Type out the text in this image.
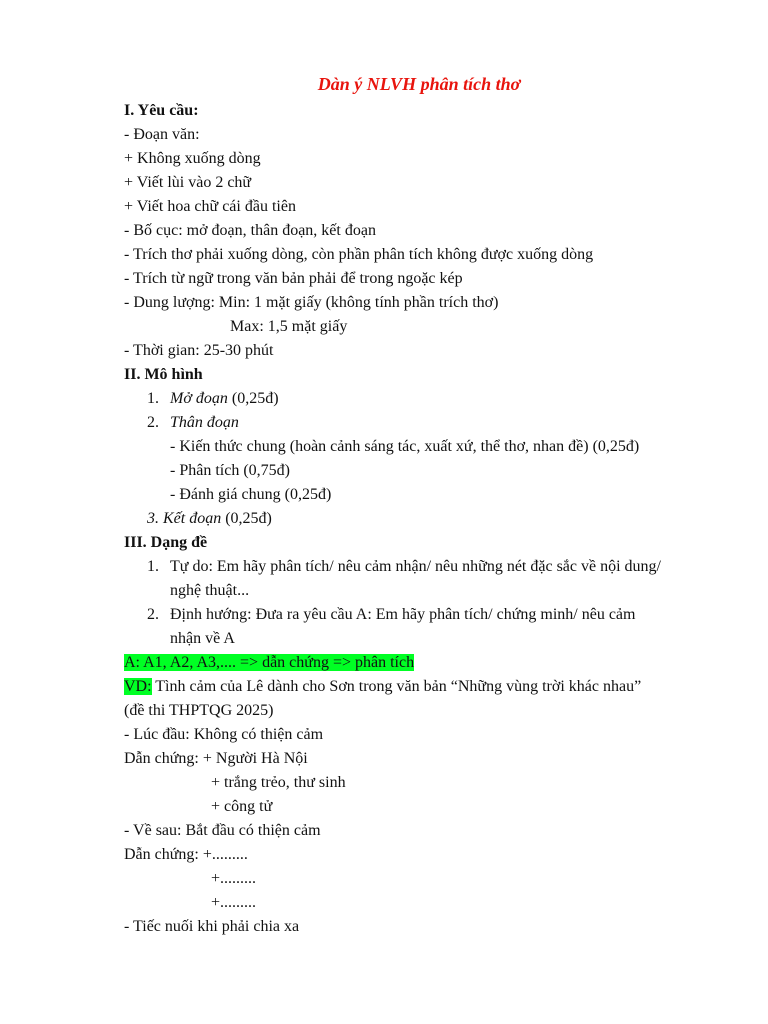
Dàn ý NLVH phân tích thơ
I. Yêu cầu:
- Đoạn văn:
+ Không xuống dòng
+ Viết lùi vào 2 chữ
+ Viết hoa chữ cái đầu tiên
- Bố cục: mở đoạn, thân đoạn, kết đoạn
- Trích thơ phải xuống dòng, còn phần phân tích không được xuống dòng
- Trích từ ngữ trong văn bản phải để trong ngoặc kép
- Dung lượng: Min: 1 mặt giấy (không tính phần trích thơ)
Max: 1,5 mặt giấy
- Thời gian: 25-30 phút
II. Mô hình
1. Mở đoạn (0,25đ)
2. Thân đoạn
- Kiến thức chung (hoàn cảnh sáng tác, xuất xứ, thể thơ, nhan đề) (0,25đ)
- Phân tích (0,75đ)
- Đánh giá chung (0,25đ)
3. Kết đoạn (0,25đ)
III. Dạng đề
1. Tự do: Em hãy phân tích/ nêu cảm nhận/ nêu những nét đặc sắc về nội dung/
nghệ thuật...
2. Định hướng: Đưa ra yêu cầu A: Em hãy phân tích/ chứng minh/ nêu cảm
nhận về A
A: A1, A2, A3,.... => dẫn chứng => phân tích
VD: Tình cảm của Lê dành cho Sơn trong văn bản “Những vùng trời khác nhau”
(đề thi THPTQG 2025)
- Lúc đầu: Không có thiện cảm
Dẫn chứng: + Người Hà Nội
+ trắng trẻo, thư sinh
+ công tử
- Về sau: Bắt đầu có thiện cảm
Dẫn chứng: +.........
+.........
+.........
- Tiếc nuối khi phải chia xa
